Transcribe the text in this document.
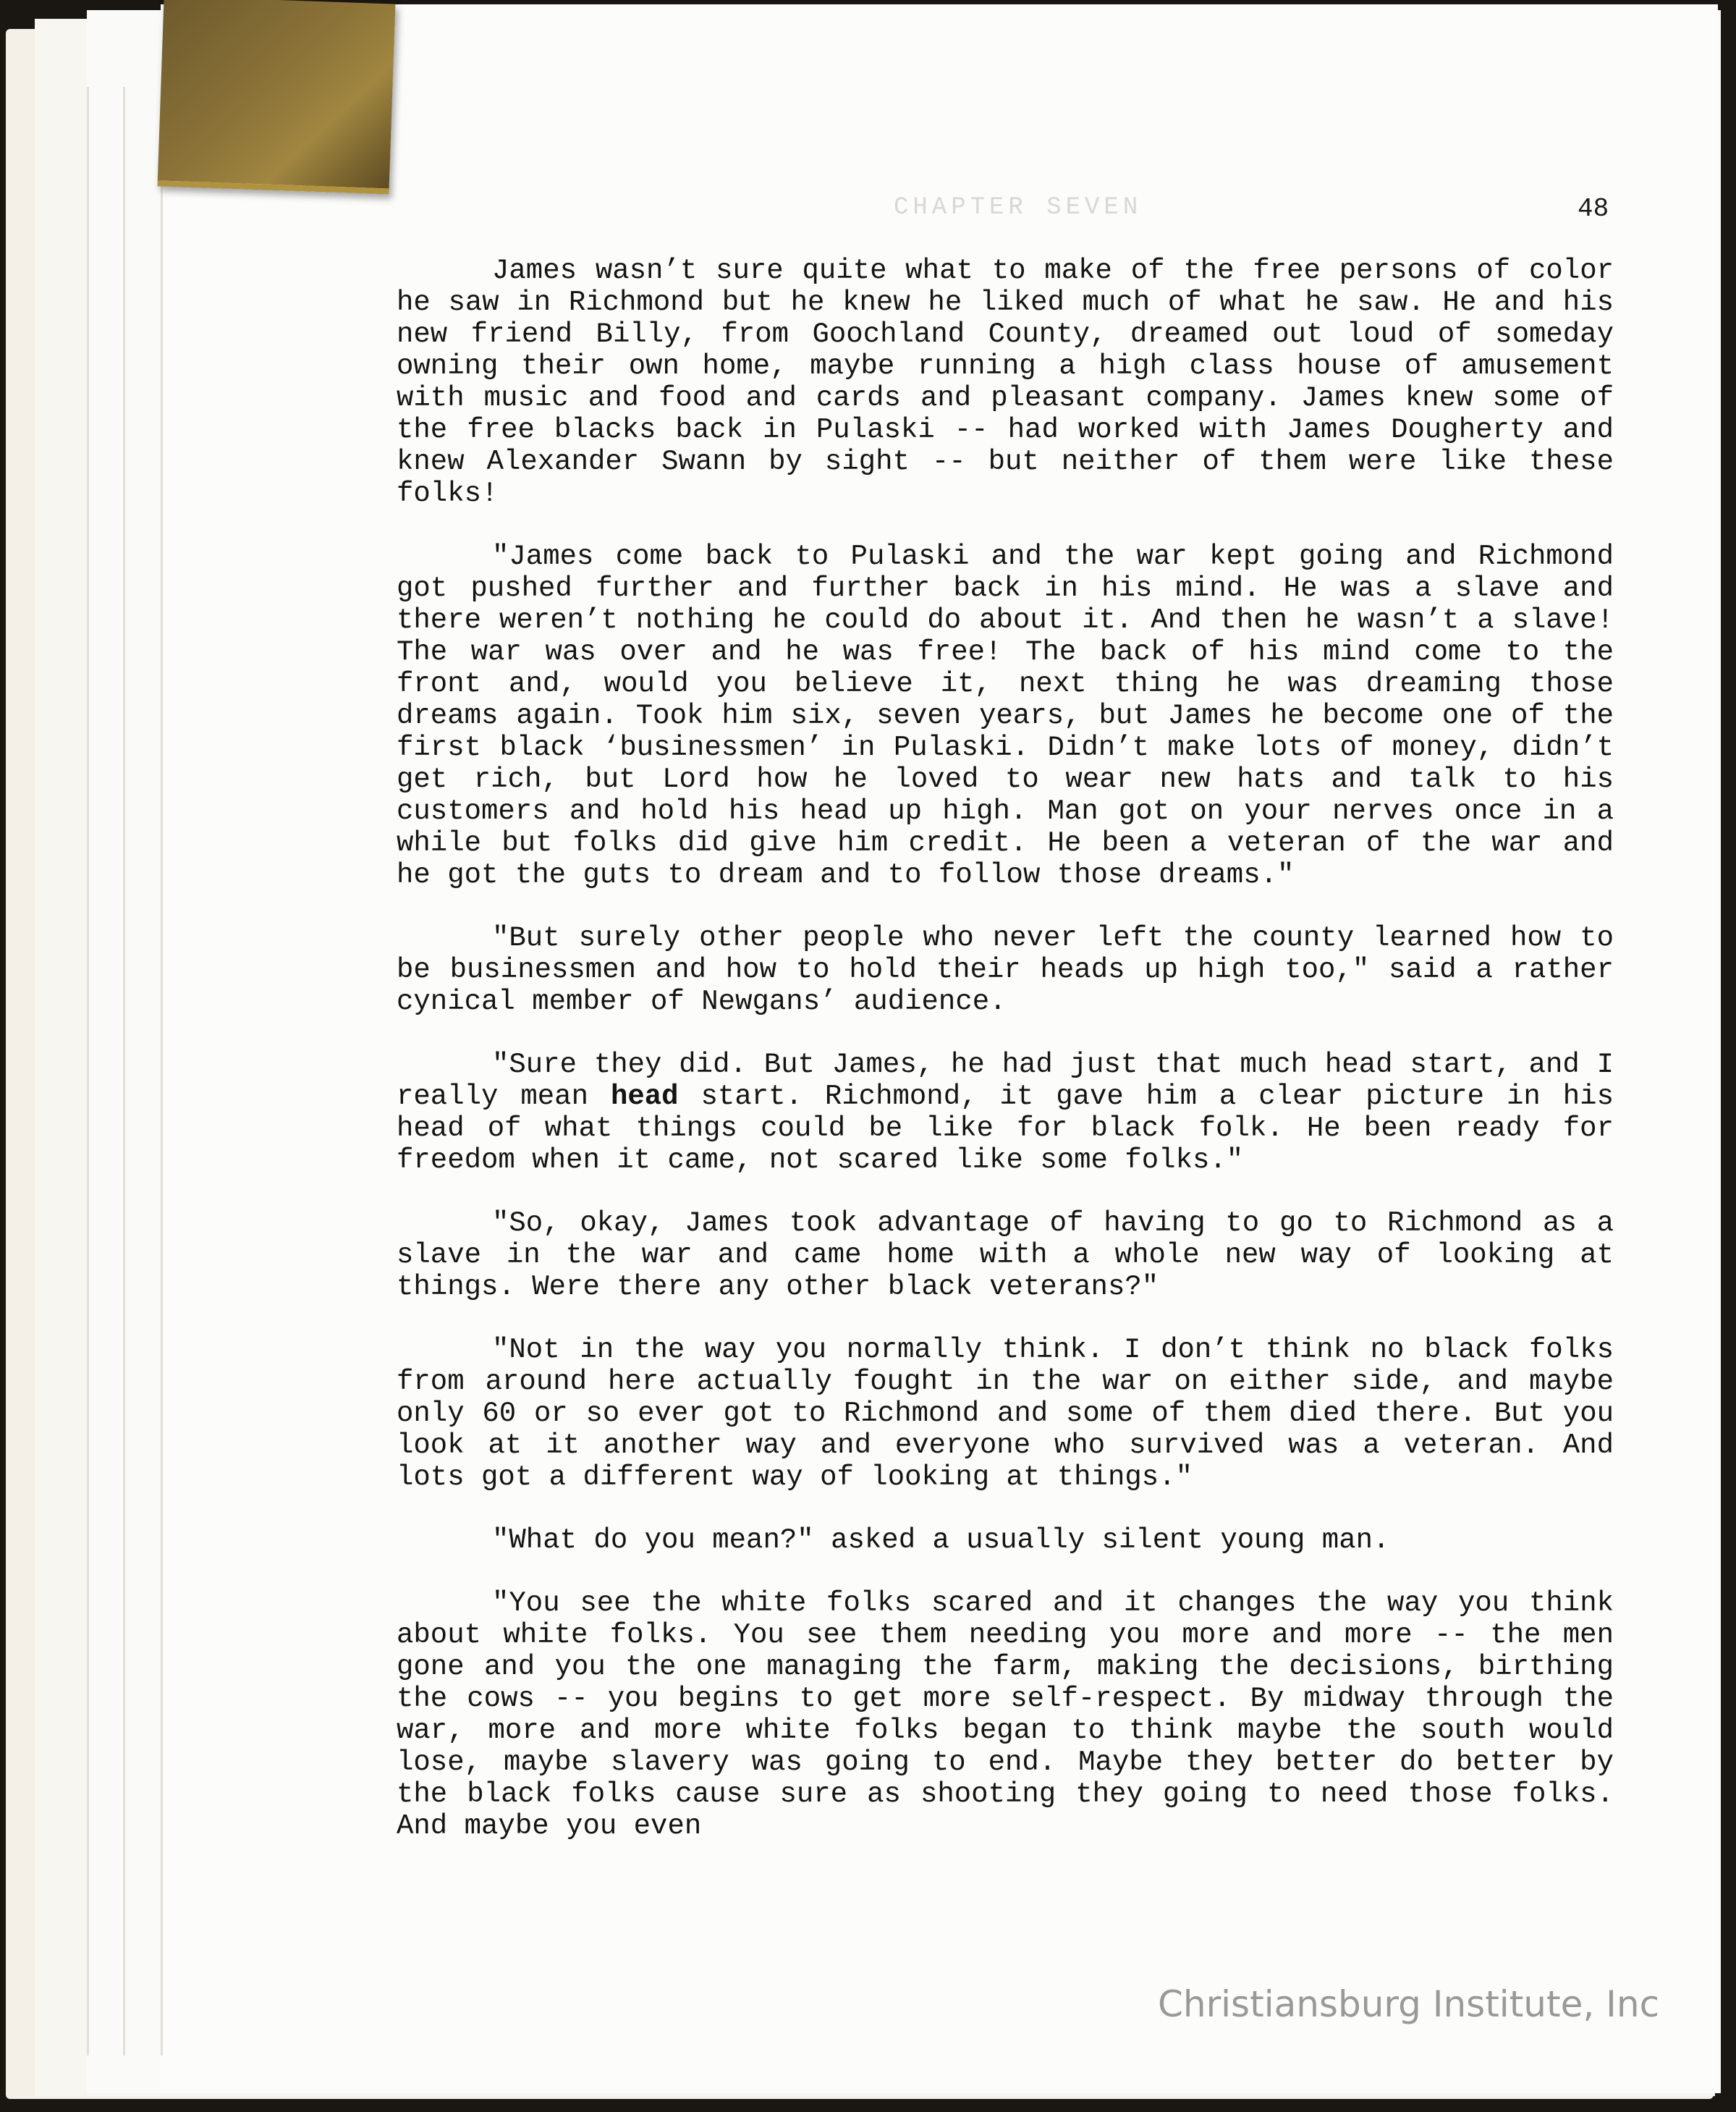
CHAPTER SEVEN	48

James wasn’t sure quite what to make of the free persons of color he saw in Richmond but he knew he liked much of what he saw. He and his new friend Billy, from Goochland County, dreamed out loud of someday owning their own home, maybe running a high class house of amusement with music and food and cards and pleasant company. James knew some of the free blacks back in Pulaski -- had worked with James Dougherty and knew Alexander Swann by sight -- but neither of them were like these folks!

"James come back to Pulaski and the war kept going and Richmond got pushed further and further back in his mind. He was a slave and there weren’t nothing he could do about it. And then he wasn’t a slave! The war was over and he was free! The back of his mind come to the front and, would you believe it, next thing he was dreaming those dreams again. Took him six, seven years, but James he become one of the first black ‘businessmen’ in Pulaski. Didn’t make lots of money, didn’t get rich, but Lord how he loved to wear new hats and talk to his customers and hold his head up high. Man got on your nerves once in a while but folks did give him credit. He been a veteran of the war and he got the guts to dream and to follow those dreams."

"But surely other people who never left the county learned how to be businessmen and how to hold their heads up high too," said a rather cynical member of Newgans’ audience.

"Sure they did. But James, he had just that much head start, and I really mean head start. Richmond, it gave him a clear picture in his head of what things could be like for black folk. He been ready for freedom when it came, not scared like some folks."

"So, okay, James took advantage of having to go to Richmond as a slave in the war and came home with a whole new way of looking at things. Were there any other black veterans?"

"Not in the way you normally think. I don’t think no black folks from around here actually fought in the war on either side, and maybe only 60 or so ever got to Richmond and some of them died there. But you look at it another way and everyone who survived was a veteran. And lots got a different way of looking at things."

"What do you mean?" asked a usually silent young man.

"You see the white folks scared and it changes the way you think about white folks. You see them needing you more and more -- the men gone and you the one managing the farm, making the decisions, birthing the cows -- you begins to get more self-respect. By midway through the war, more and more white folks began to think maybe the south would lose, maybe slavery was going to end. Maybe they better do better by the black folks cause sure as shooting they going to need those folks. And maybe you even

Christiansburg Institute, Inc
